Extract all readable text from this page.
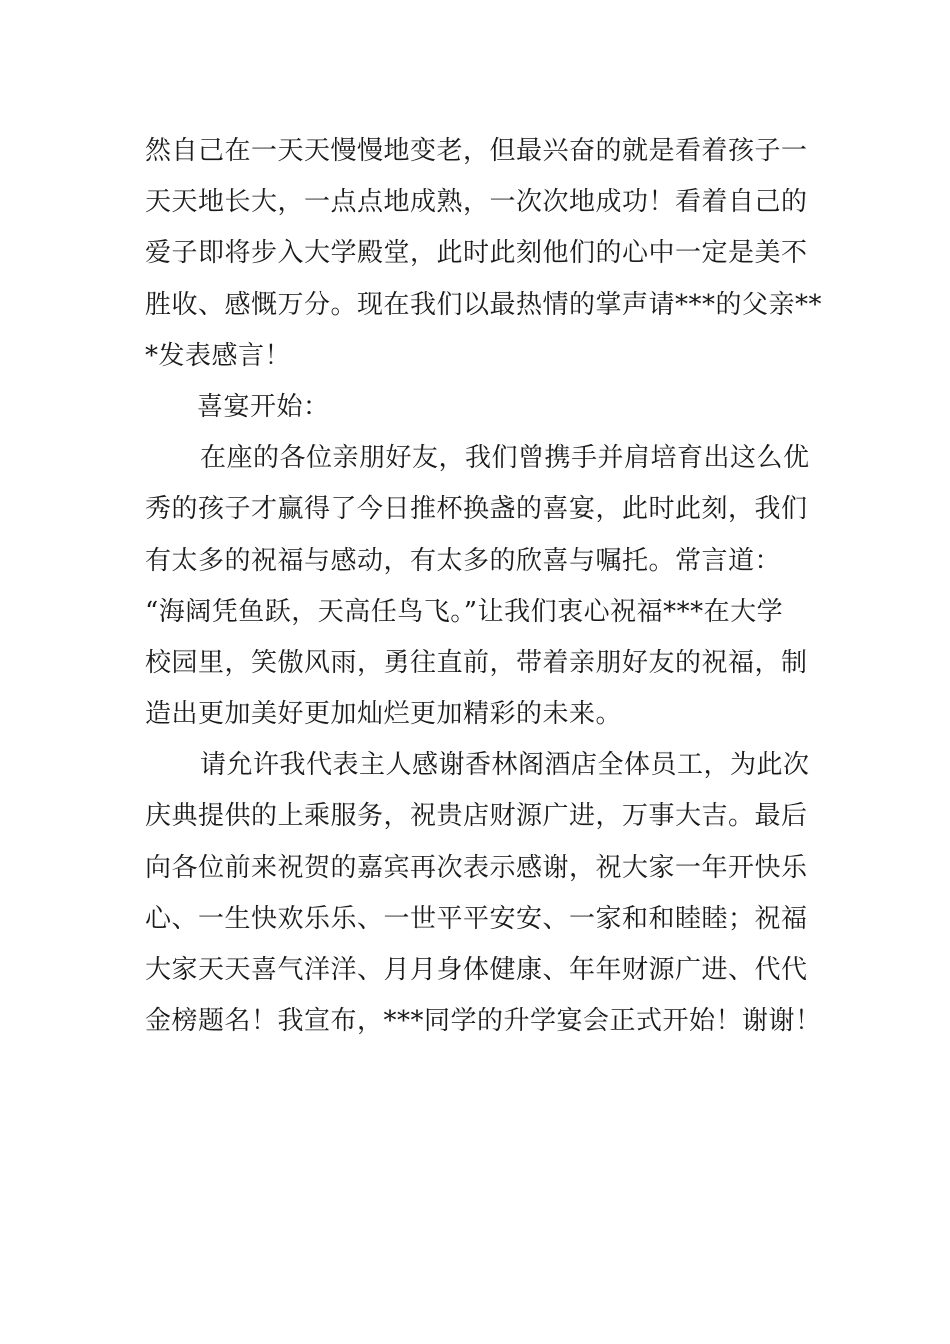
然自己在一天天慢慢地变老，但最兴奋的就是看着孩子一
天天地长大，一点点地成熟，一次次地成功！看着自己的
爱子即将步入大学殿堂，此时此刻他们的心中一定是美不
胜收、感慨万分。现在我们以最热情的掌声请***的父亲**
*发表感言！
喜宴开始：
在座的各位亲朋好友，我们曾携手并肩培育出这么优
秀的孩子才赢得了今日推杯换盏的喜宴，此时此刻，我们
有太多的祝福与感动，有太多的欣喜与嘱托。常言道：
“海阔凭鱼跃，天高任鸟飞。”让我们衷心祝福***在大学
校园里，笑傲风雨，勇往直前，带着亲朋好友的祝福，制
造出更加美好更加灿烂更加精彩的未来。
请允许我代表主人感谢香林阁酒店全体员工，为此次
庆典提供的上乘服务，祝贵店财源广进，万事大吉。最后
向各位前来祝贺的嘉宾再次表示感谢，祝大家一年开快乐
心、一生快欢乐乐、一世平平安安、一家和和睦睦；祝福
大家天天喜气洋洋、月月身体健康、年年财源广进、代代
金榜题名！我宣布，***同学的升学宴会正式开始！谢谢！
